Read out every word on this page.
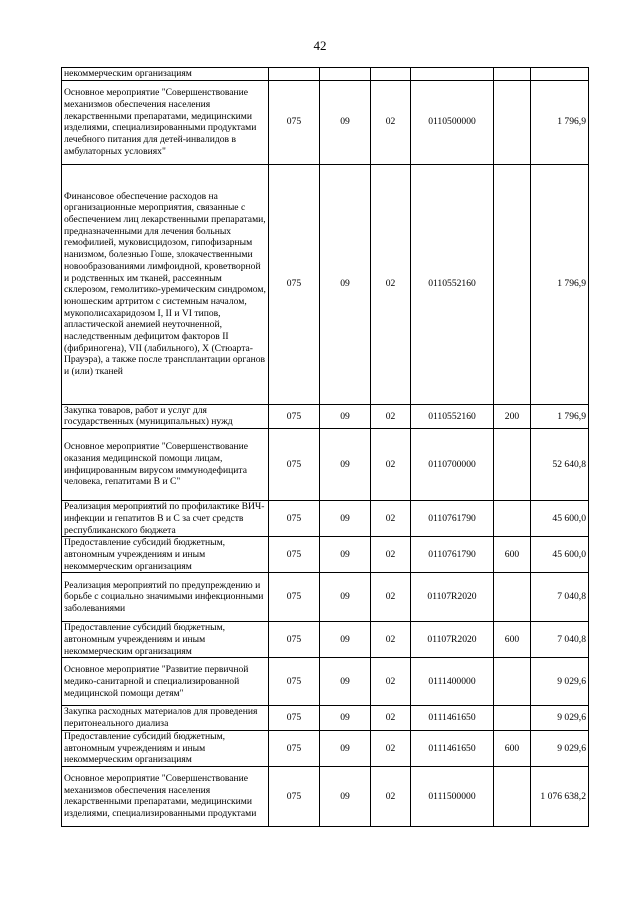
42
некоммерческим организациям						
Основное мероприятие "Совершенствование механизмов обеспечения населения лекарственными препаратами, медицинскими изделиями, специализированными продуктами лечебного питания для детей-инвалидов в амбулаторных условиях"	075	09	02	0110500000		1 796,9
Финансовое обеспечение расходов на организационные мероприятия, связанные с обеспечением лиц лекарственными препаратами, предназначенными для лечения больных гемофилией, муковисцидозом, гипофизарным нанизмом, болезнью Гоше, злокачественными новообразованиями лимфоидной, кроветворной и родственных им тканей, рассеянным склерозом, гемолитико-уремическим синдромом, юношеским артритом с системным началом, мукополисахаридозом I, II и VI типов, апластической анемией неуточненной, наследственным дефицитом факторов II (фибриногена), VII (лабильного), X (Стюарта-Прауэра), а также после трансплантации органов и (или) тканей	075	09	02	0110552160		1 796,9
Закупка товаров, работ и услуг для государственных (муниципальных) нужд	075	09	02	0110552160	200	1 796,9
Основное мероприятие "Совершенствование оказания медицинской помощи лицам, инфицированным вирусом иммунодефицита человека, гепатитами В и С"	075	09	02	0110700000		52 640,8
Реализация мероприятий по профилактике ВИЧ-инфекции и гепатитов В и С за счет средств республиканского бюджета	075	09	02	0110761790		45 600,0
Предоставление субсидий бюджетным, автономным учреждениям и иным некоммерческим организациям	075	09	02	0110761790	600	45 600,0
Реализация мероприятий по предупреждению и борьбе с социально значимыми инфекционными заболеваниями	075	09	02	01107R2020		7 040,8
Предоставление субсидий бюджетным, автономным учреждениям и иным некоммерческим организациям	075	09	02	01107R2020	600	7 040,8
Основное мероприятие "Развитие первичной медико-санитарной и специализированной медицинской помощи детям"	075	09	02	0111400000		9 029,6
Закупка расходных материалов для проведения перитонеального диализа	075	09	02	0111461650		9 029,6
Предоставление субсидий бюджетным, автономным учреждениям и иным некоммерческим организациям	075	09	02	0111461650	600	9 029,6
Основное мероприятие "Совершенствование механизмов обеспечения населения лекарственными препаратами, медицинскими изделиями, специализированными продуктами	075	09	02	0111500000		1 076 638,2
